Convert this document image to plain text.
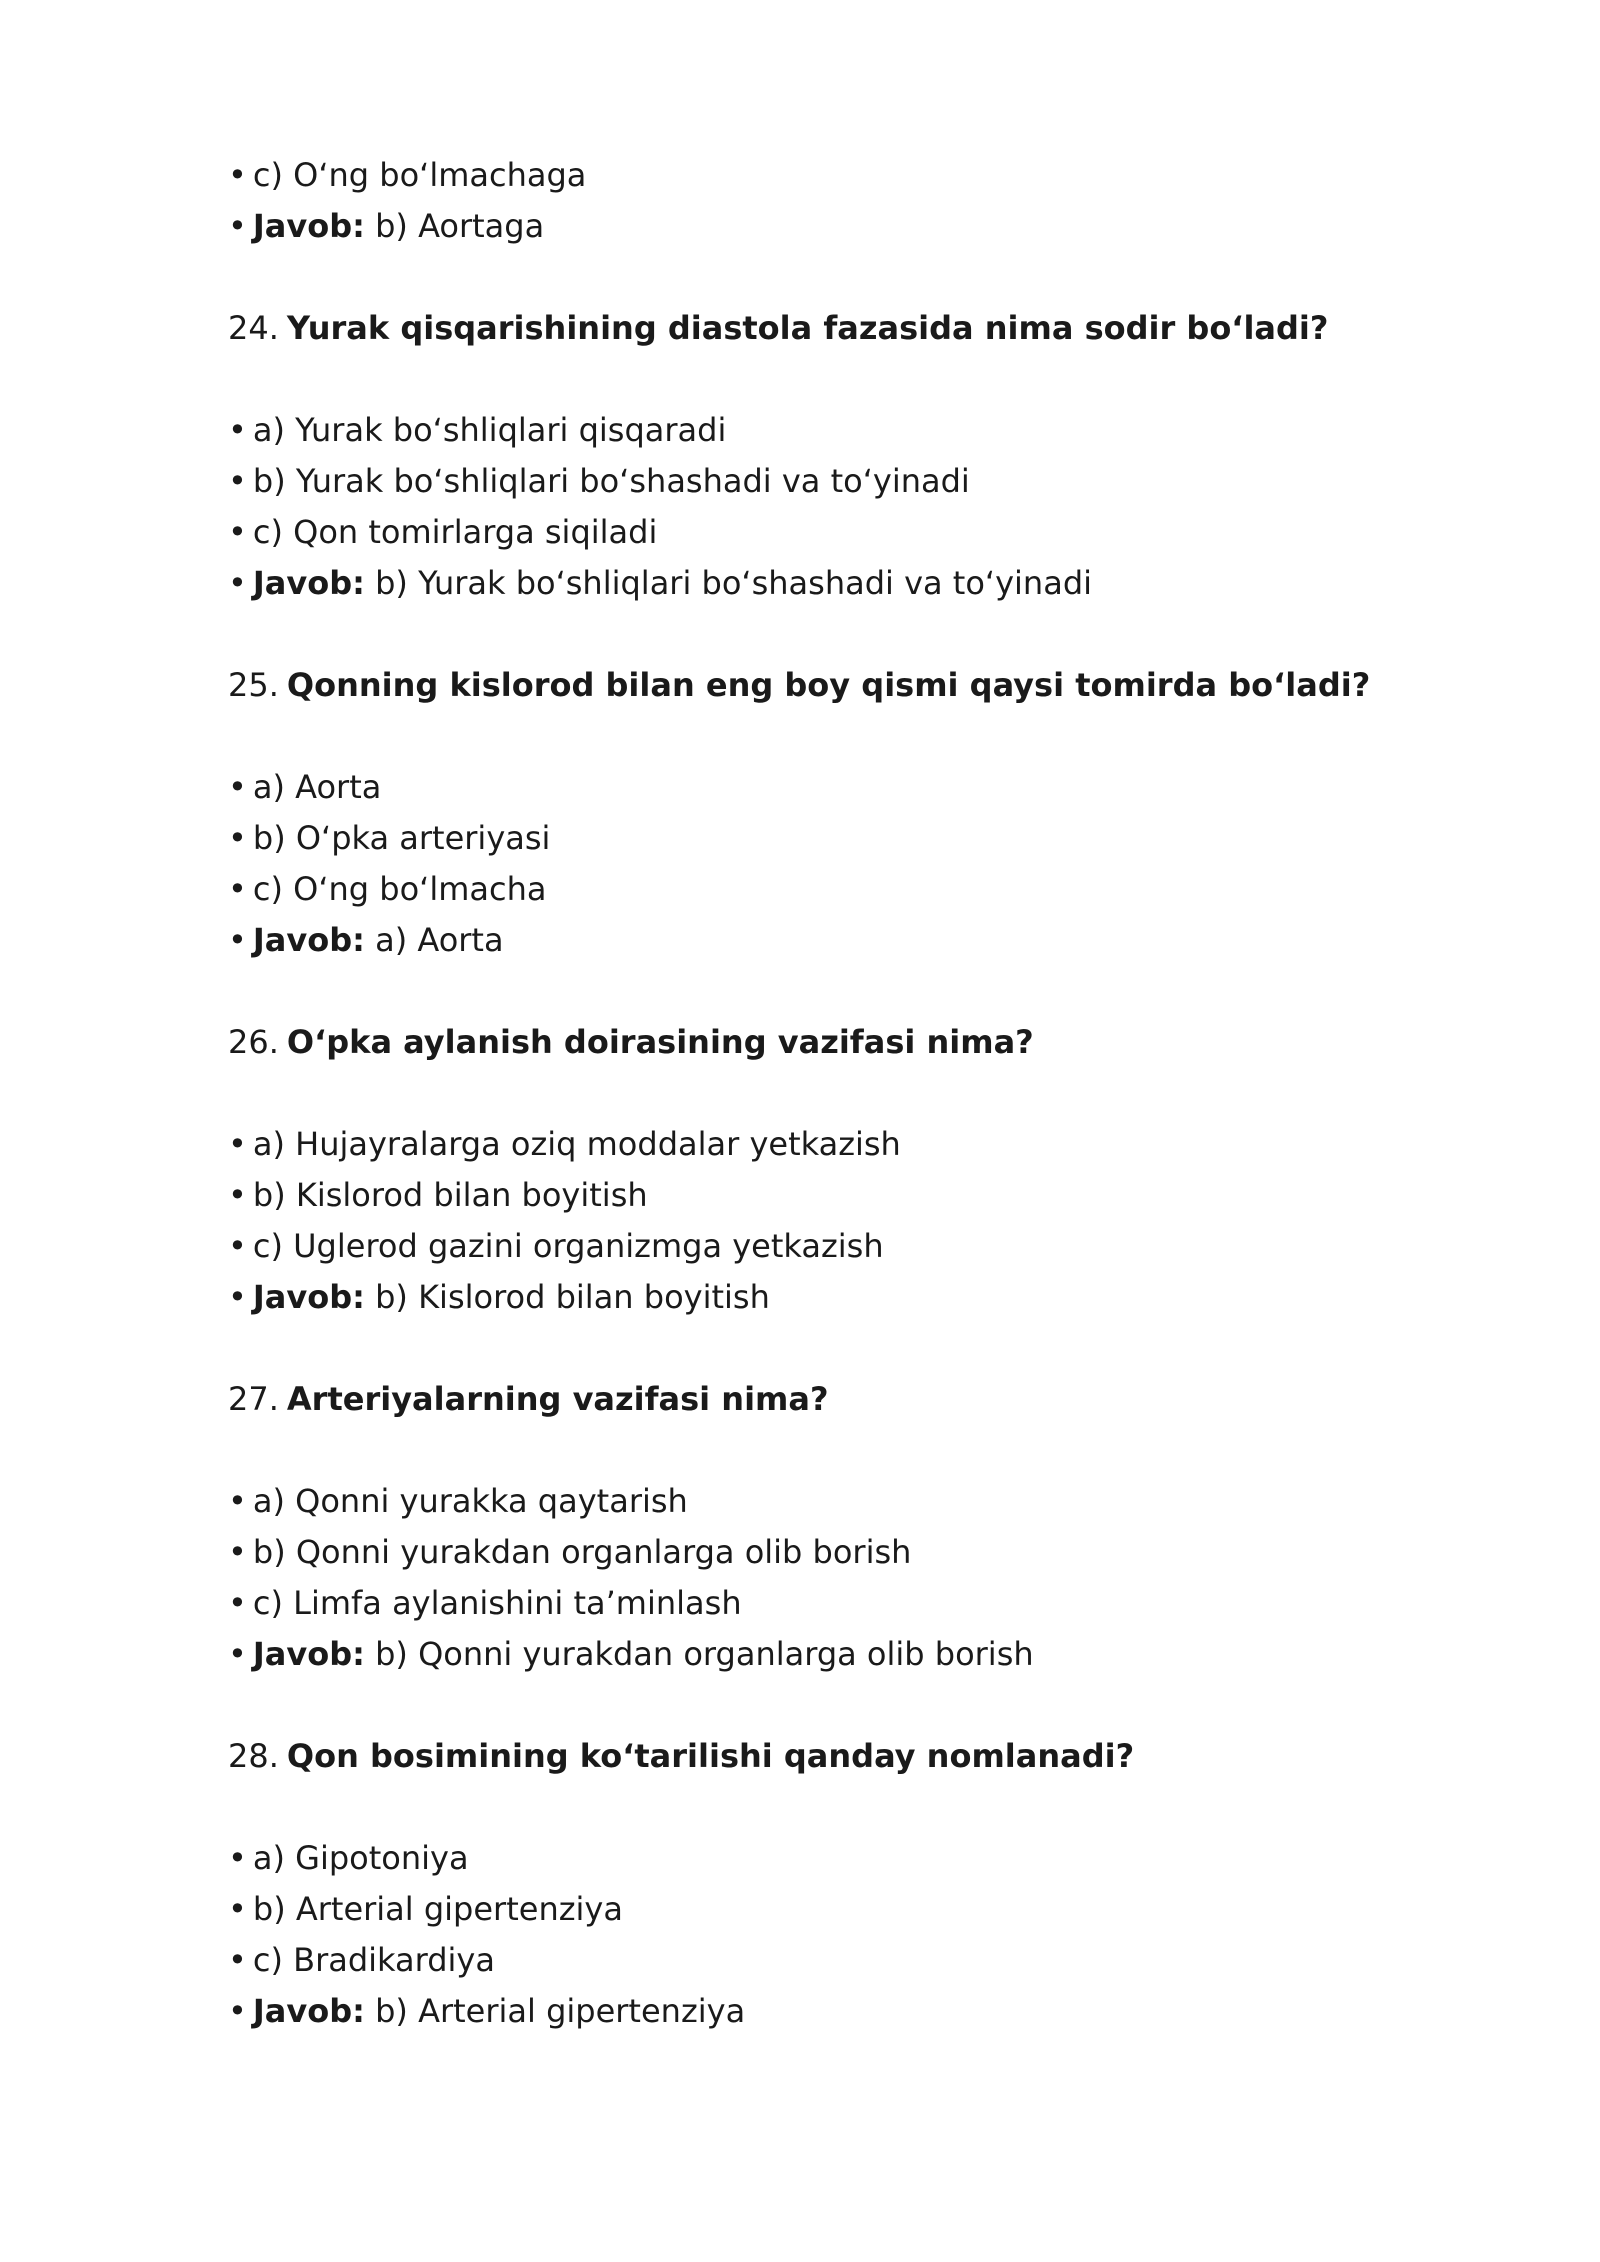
• c) O‘ng bo‘lmachaga
• Javob: b) Aortaga
24. Yurak qisqarishining diastola fazasida nima sodir bo‘ladi?
• a) Yurak bo‘shliqlari qisqaradi
• b) Yurak bo‘shliqlari bo‘shashadi va to‘yinadi
• c) Qon tomirlarga siqiladi
• Javob: b) Yurak bo‘shliqlari bo‘shashadi va to‘yinadi
25. Qonning kislorod bilan eng boy qismi qaysi tomirda bo‘ladi?
• a) Aorta
• b) O‘pka arteriyasi
• c) O‘ng bo‘lmacha
• Javob: a) Aorta
26. O‘pka aylanish doirasining vazifasi nima?
• a) Hujayralarga oziq moddalar yetkazish
• b) Kislorod bilan boyitish
• c) Uglerod gazini organizmga yetkazish
• Javob: b) Kislorod bilan boyitish
27. Arteriyalarning vazifasi nima?
• a) Qonni yurakka qaytarish
• b) Qonni yurakdan organlarga olib borish
• c) Limfa aylanishini ta’minlash
• Javob: b) Qonni yurakdan organlarga olib borish
28. Qon bosimining ko‘tarilishi qanday nomlanadi?
• a) Gipotoniya
• b) Arterial gipertenziya
• c) Bradikardiya
• Javob: b) Arterial gipertenziya
